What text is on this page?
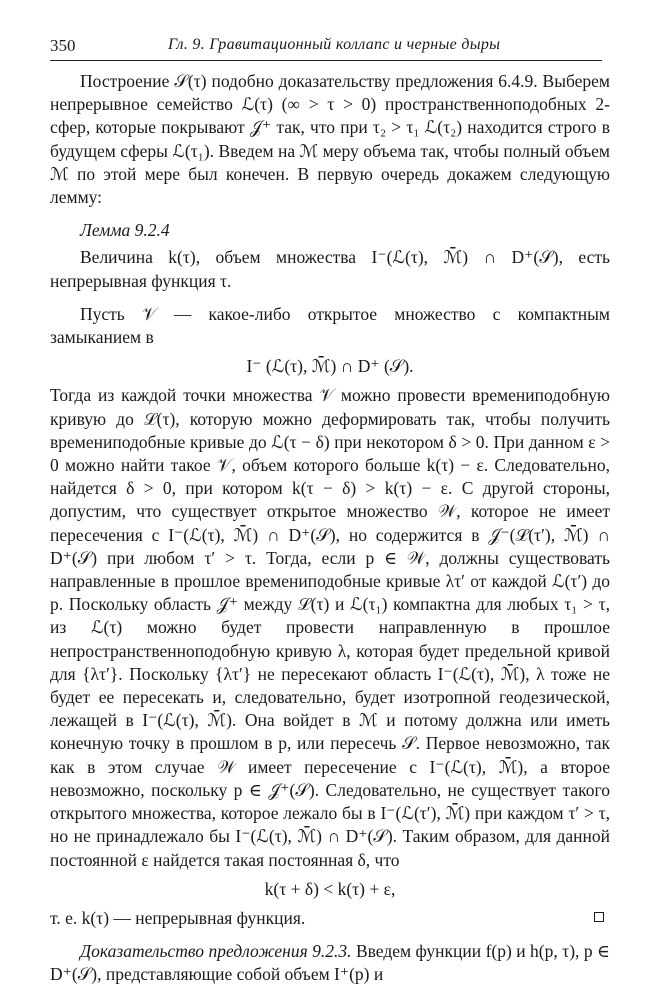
350	Гл. 9. Гравитационный коллапс и черные дыры

Построение 𝒮(τ) подобно доказательству предложения 6.4.9. Выберем непрерывное семейство ℒ(τ) (∞ > τ > 0) пространственноподобных 2-сфер, которые покрывают 𝒥⁺ так, что при τ₂ > τ₁ ℒ(τ₂) находится строго в будущем сферы ℒ(τ₁). Введем на ℳ меру объема так, чтобы полный объем ℳ по этой мере был конечен. В первую очередь докажем следующую лемму:

Лемма 9.2.4

Величина k(τ), объем множества I⁻(ℒ(τ), ℳ̄) ∩ D⁺(𝒮), есть непрерывная функция τ.

Пусть 𝒱 — какое-либо открытое множество с компактным замыканием в

I⁻ (ℒ(τ), ℳ̄) ∩ D⁺ (𝒮).

Тогда из каждой точки множества 𝒱 можно провести времениподобную кривую до ℒ(τ), которую можно деформировать так, чтобы получить времениподобные кривые до ℒ(τ − δ) при некотором δ > 0. При данном ε > 0 можно найти такое 𝒱, объем которого больше k(τ) − ε. Следовательно, найдется δ > 0, при котором k(τ − δ) > k(τ) − ε. С другой стороны, допустим, что существует открытое множество 𝒲, которое не имеет пересечения с I⁻(ℒ(τ), ℳ̄) ∩ D⁺(𝒮), но содержится в 𝒥⁻(ℒ(τ′), ℳ̄) ∩ D⁺(𝒮) при любом τ′ > τ. Тогда, если p ∈ 𝒲, должны существовать направленные в прошлое времениподобные кривые λτ′ от каждой ℒ(τ′) до p. Поскольку область 𝒥⁺ между ℒ(τ) и ℒ(τ₁) компактна для любых τ₁ > τ, из ℒ(τ) можно будет провести направленную в прошлое непространственноподобную кривую λ, которая будет предельной кривой для {λτ′}. Поскольку {λτ′} не пересекают область I⁻(ℒ(τ), ℳ̄), λ тоже не будет ее пересекать и, следовательно, будет изотропной геодезической, лежащей в I⁻(ℒ(τ), ℳ̄). Она войдет в ℳ и потому должна или иметь конечную точку в прошлом в p, или пересечь 𝒮. Первое невозможно, так как в этом случае 𝒲 имеет пересечение с I⁻(ℒ(τ), ℳ̄), а второе невозможно, поскольку p ∈ 𝒥⁺(𝒮). Следовательно, не существует такого открытого множества, которое лежало бы в I⁻(ℒ(τ′), ℳ̄) при каждом τ′ > τ, но не принадлежало бы I⁻(ℒ(τ), ℳ̄) ∩ D⁺(𝒮). Таким образом, для данной постоянной ε найдется такая постоянная δ, что

k(τ + δ) < k(τ) + ε,

т. е. k(τ) — непрерывная функция.

Доказательство предложения 9.2.3. Введем функции f(p) и h(p, τ), p ∈ D⁺(𝒮), представляющие собой объем I⁺(p) и
